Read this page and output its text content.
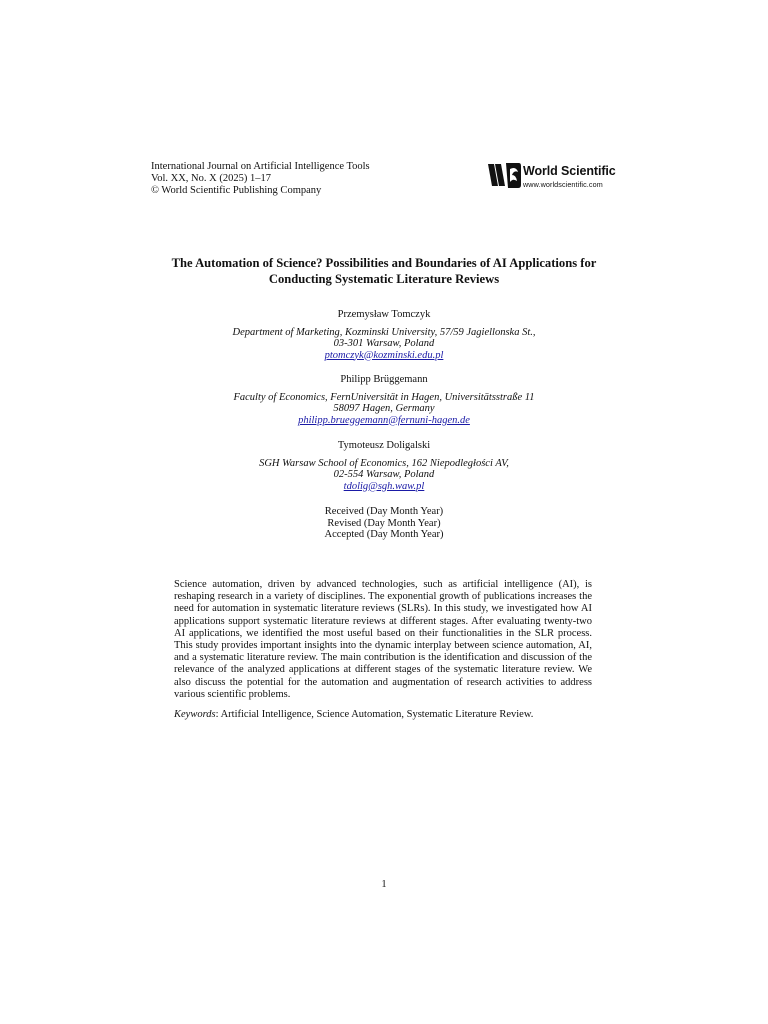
International Journal on Artificial Intelligence Tools
Vol. XX, No. X (2025) 1–17
© World Scientific Publishing Company
World Scientific
www.worldscientific.com
The Automation of Science? Possibilities and Boundaries of AI Applications for
Conducting Systematic Literature Reviews
Przemysław Tomczyk
Department of Marketing, Kozminski University, 57/59 Jagiellonska St.,
03-301 Warsaw, Poland
ptomczyk@kozminski.edu.pl
Philipp Brüggemann
Faculty of Economics, FernUniversität in Hagen, Universitätsstraße 11
58097 Hagen, Germany
philipp.brueggemann@fernuni-hagen.de
Tymoteusz Doligalski
SGH Warsaw School of Economics, 162 Niepodległości AV,
02-554 Warsaw, Poland
tdolig@sgh.waw.pl
Received (Day Month Year)
Revised (Day Month Year)
Accepted (Day Month Year)
Science automation, driven by advanced technologies, such as artificial intelligence (AI), is reshaping research in a variety of disciplines. The exponential growth of publications increases the need for automation in systematic literature reviews (SLRs). In this study, we investigated how AI applications support systematic literature reviews at different stages. After evaluating twenty-two AI applications, we identified the most useful based on their functionalities in the SLR process. This study provides important insights into the dynamic interplay between science automation, AI, and a systematic literature review. The main contribution is the identification and discussion of the relevance of the analyzed applications at different stages of the systematic literature review. We also discuss the potential for the automation and augmentation of research activities to address various scientific problems.
Keywords: Artificial Intelligence, Science Automation, Systematic Literature Review.
1
